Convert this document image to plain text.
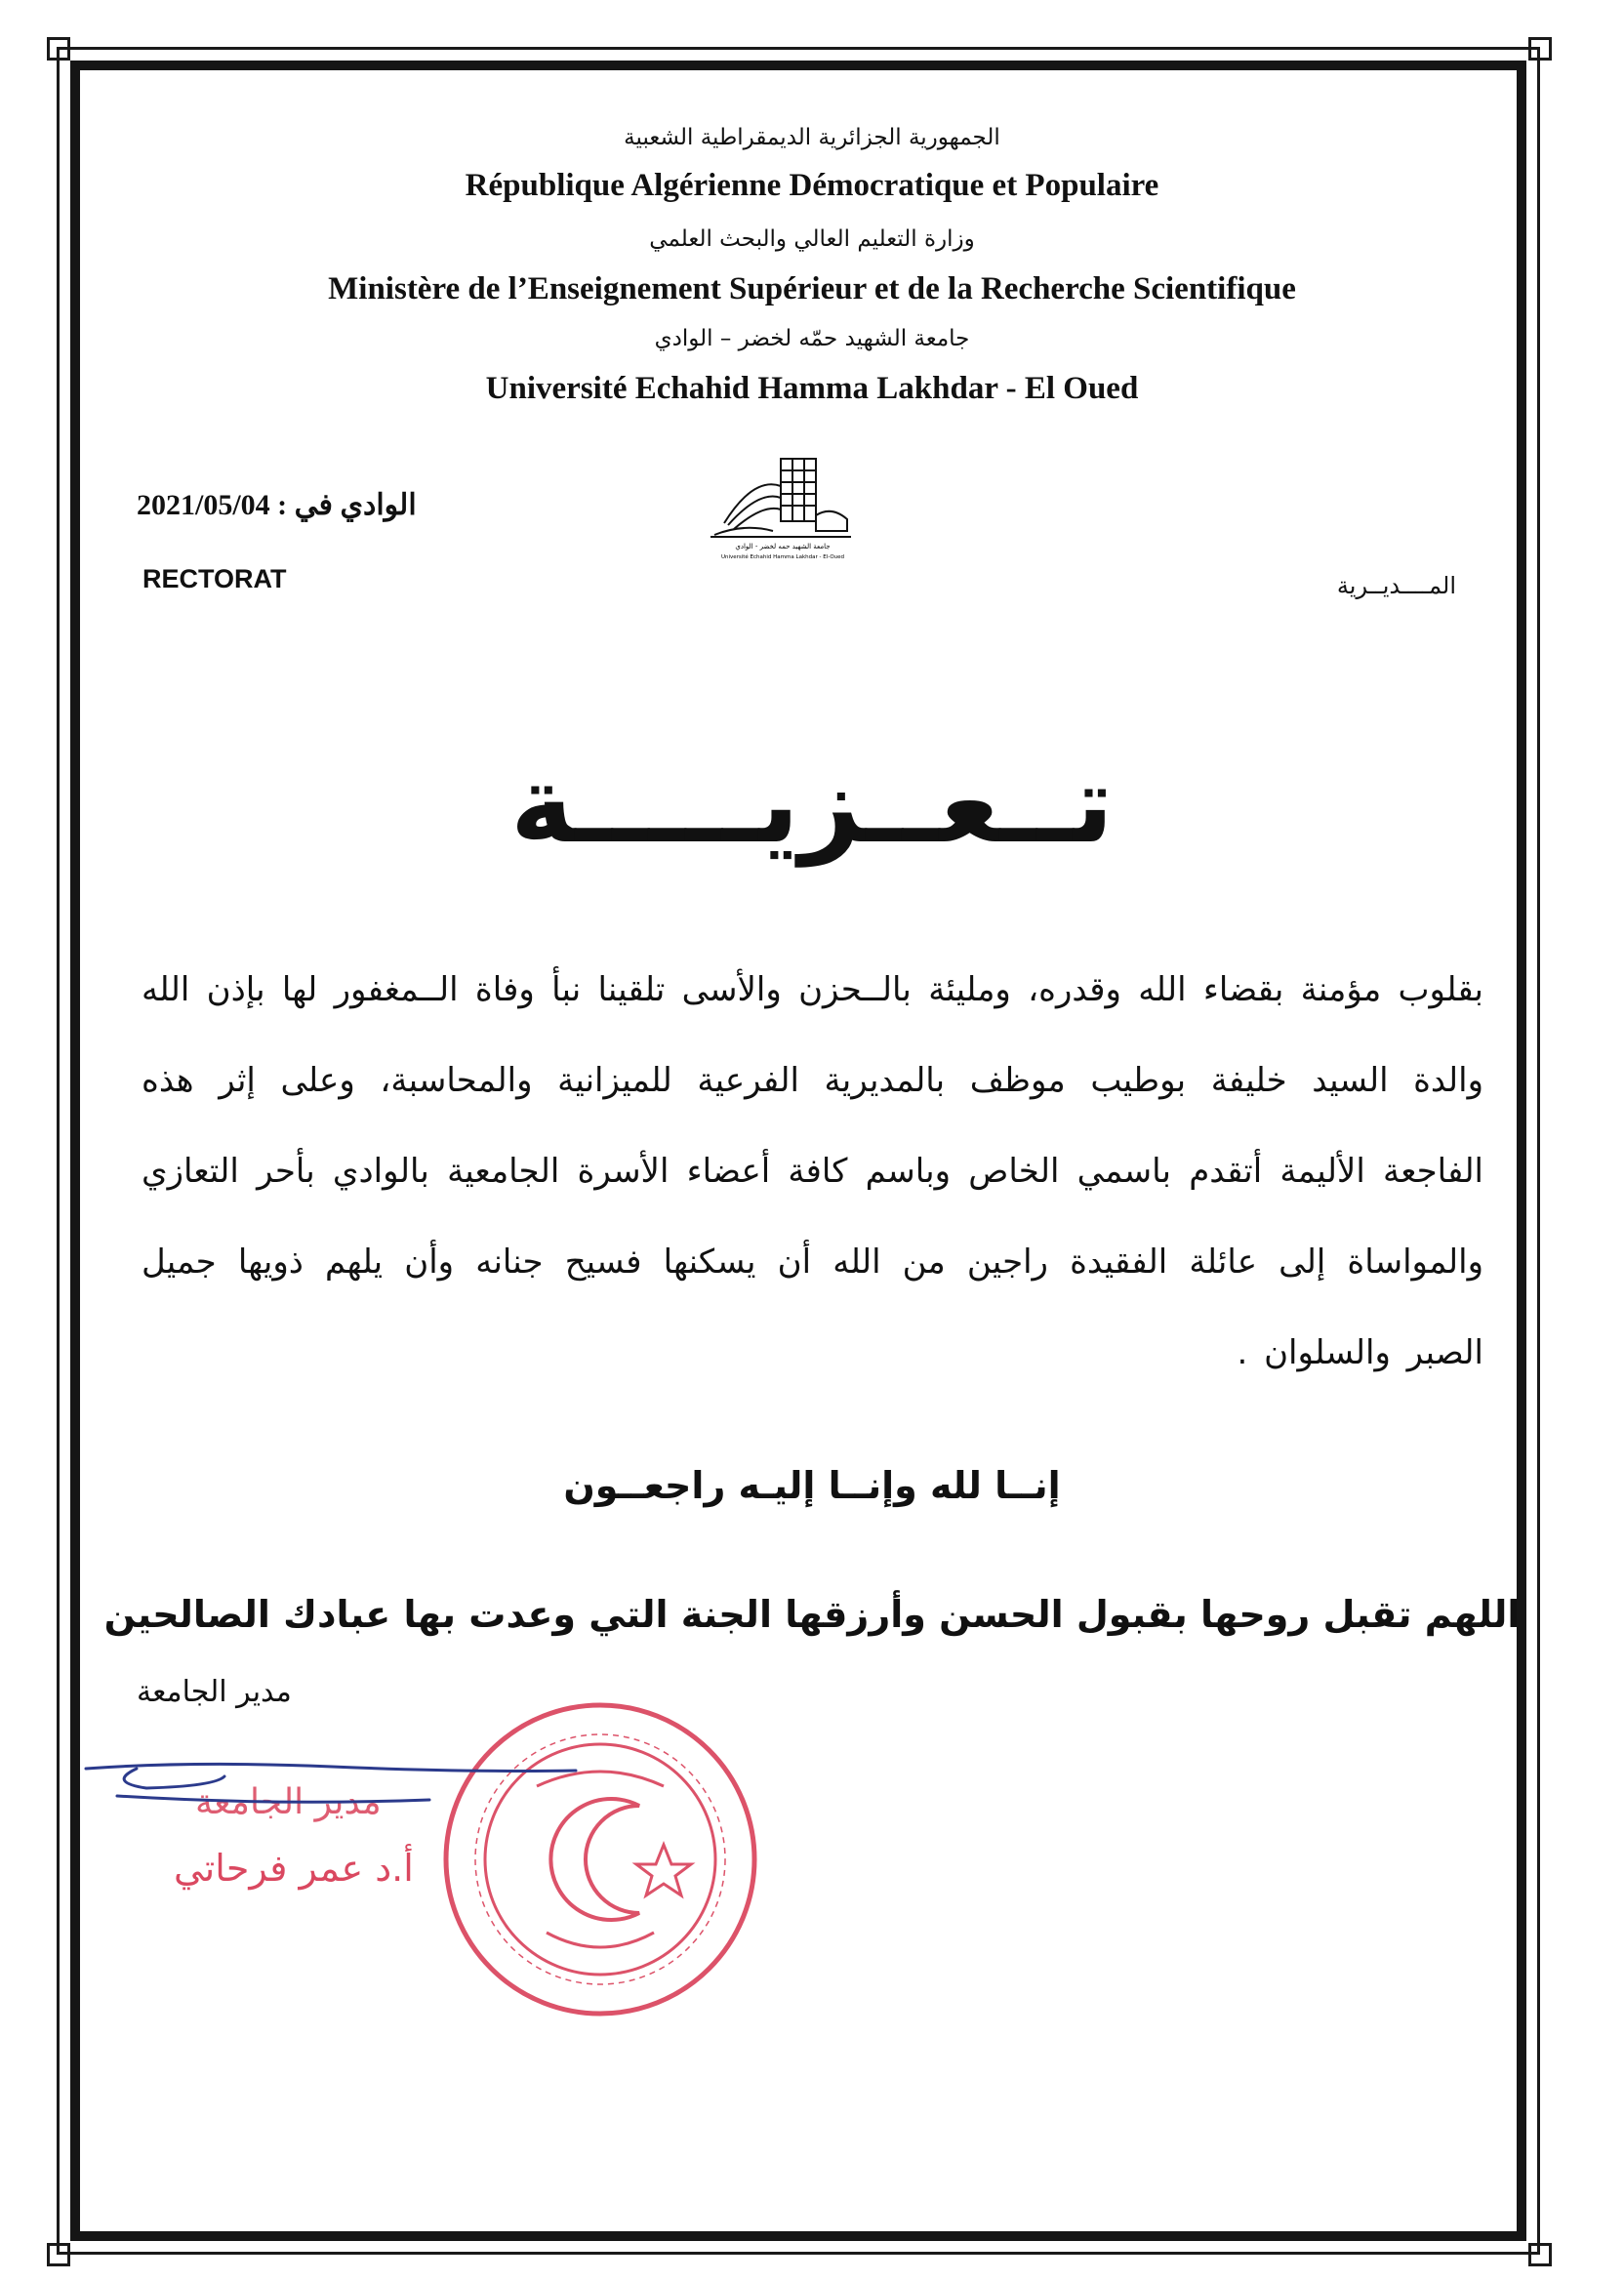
الجمهورية الجزائرية الديمقراطية الشعبية
République Algérienne Démocratique et Populaire
وزارة التعليم العالي والبحث العلمي
Ministère de l’Enseignement Supérieur et de la Recherche Scientifique
جامعة الشهيد حمّه لخضر – الوادي
Université Echahid Hamma Lakhdar - El Oued
جامعة الشهيد حمه لخضر - الوادي
Université Echahid Hamma Lakhdar - El-Oued
الوادي في : 2021/05/04
RECTORAT	المــــديــرية
تــعــزيـــــة
بقلوب مؤمنة بقضاء الله وقدره، ومليئة بالــحزن والأسى تلقينا نبأ وفاة الــمغفور لها بإذن الله والدة السيد خليفة بوطيب موظف بالمديرية الفرعية للميزانية والمحاسبة، وعلى إثر هذه الفاجعة الأليمة أتقدم باسمي الخاص وباسم كافة أعضاء الأسرة الجامعية بالوادي بأحر التعازي والمواساة إلى عائلة الفقيدة راجين من الله أن يسكنها فسيح جنانه وأن يلهم ذويها جميل الصبر والسلوان .
إنــا لله وإنــا إليـه راجعــون
اللهم تقبل روحها بقبول الحسن وأرزقها الجنة التي وعدت بها عبادك الصالحين
مدير الجامعة
مدير الجامعة
أ.د عمر فرحاتي
